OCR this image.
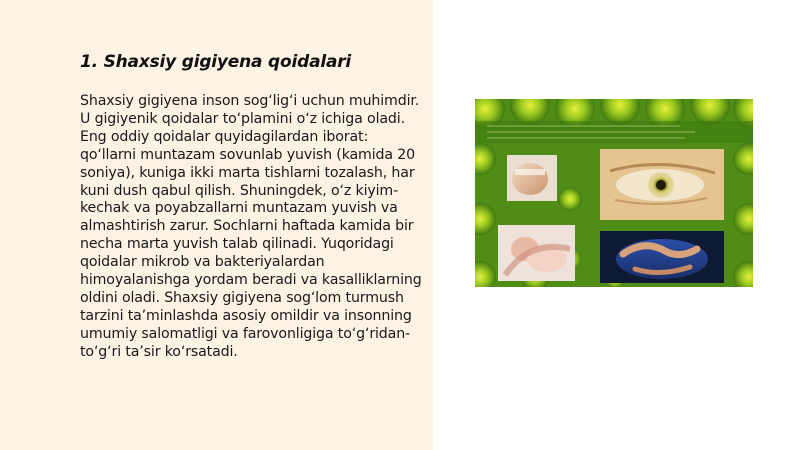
1. Shaxsiy gigiyena qoidalari

Shaxsiy gigiyena inson sog‘lig‘i uchun muhimdir. U gigiyenik qoidalar to‘plamini o‘z ichiga oladi. Eng oddiy qoidalar quyidagilardan iborat: qo‘llarni muntazam sovunlab yuvish (kamida 20 soniya), kuniga ikki marta tishlarni tozalash, har kuni dush qabul qilish. Shuningdek, o‘z kiyim-kechak va poyabzallarni muntazam yuvish va almashtirish zarur. Sochlarni haftada kamida bir necha marta yuvish talab qilinadi. Yuqoridagi qoidalar mikrob va bakteriyalardan himoyalanishga yordam beradi va kasalliklarning oldini oladi. Shaxsiy gigiyena sog‘lom turmush tarzini ta’minlashda asosiy omildir va insonning umumiy salomatligi va farovonligiga to‘g‘ridan-to‘g‘ri ta’sir ko‘rsatadi.
